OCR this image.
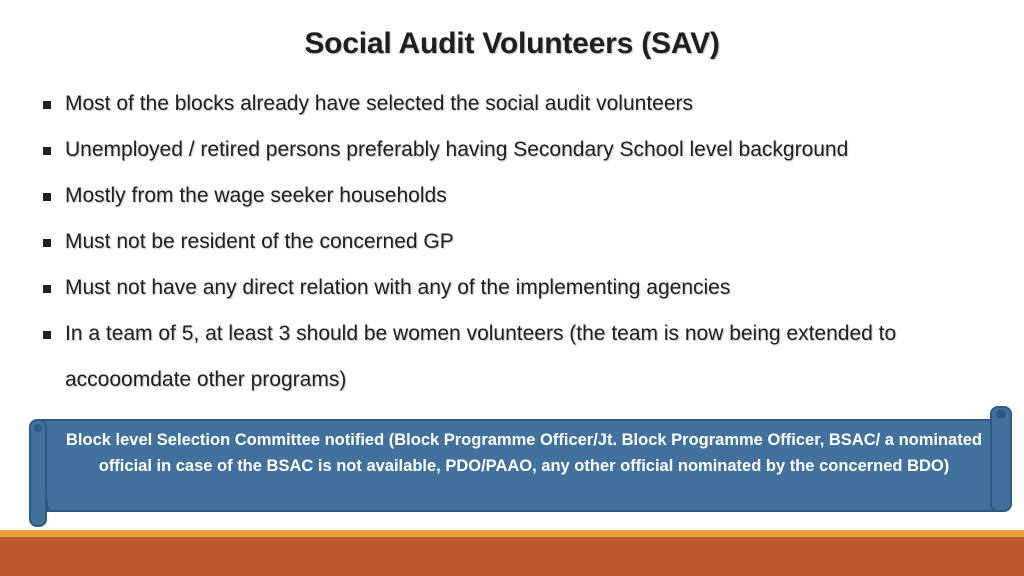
Social Audit Volunteers (SAV)
Most of the blocks already have selected the social audit volunteers
Unemployed / retired persons preferably having Secondary School level background
Mostly from the wage seeker households
Must not be resident of the concerned GP
Must not have any direct relation with any of the implementing agencies
In a team of 5, at least 3 should be women volunteers (the team is now being extended to accooomdate other programs)
Block level Selection Committee notified (Block Programme Officer/Jt. Block Programme Officer, BSAC/ a nominated official in case of the BSAC is not available, PDO/PAAO, any other official nominated by the concerned BDO)
